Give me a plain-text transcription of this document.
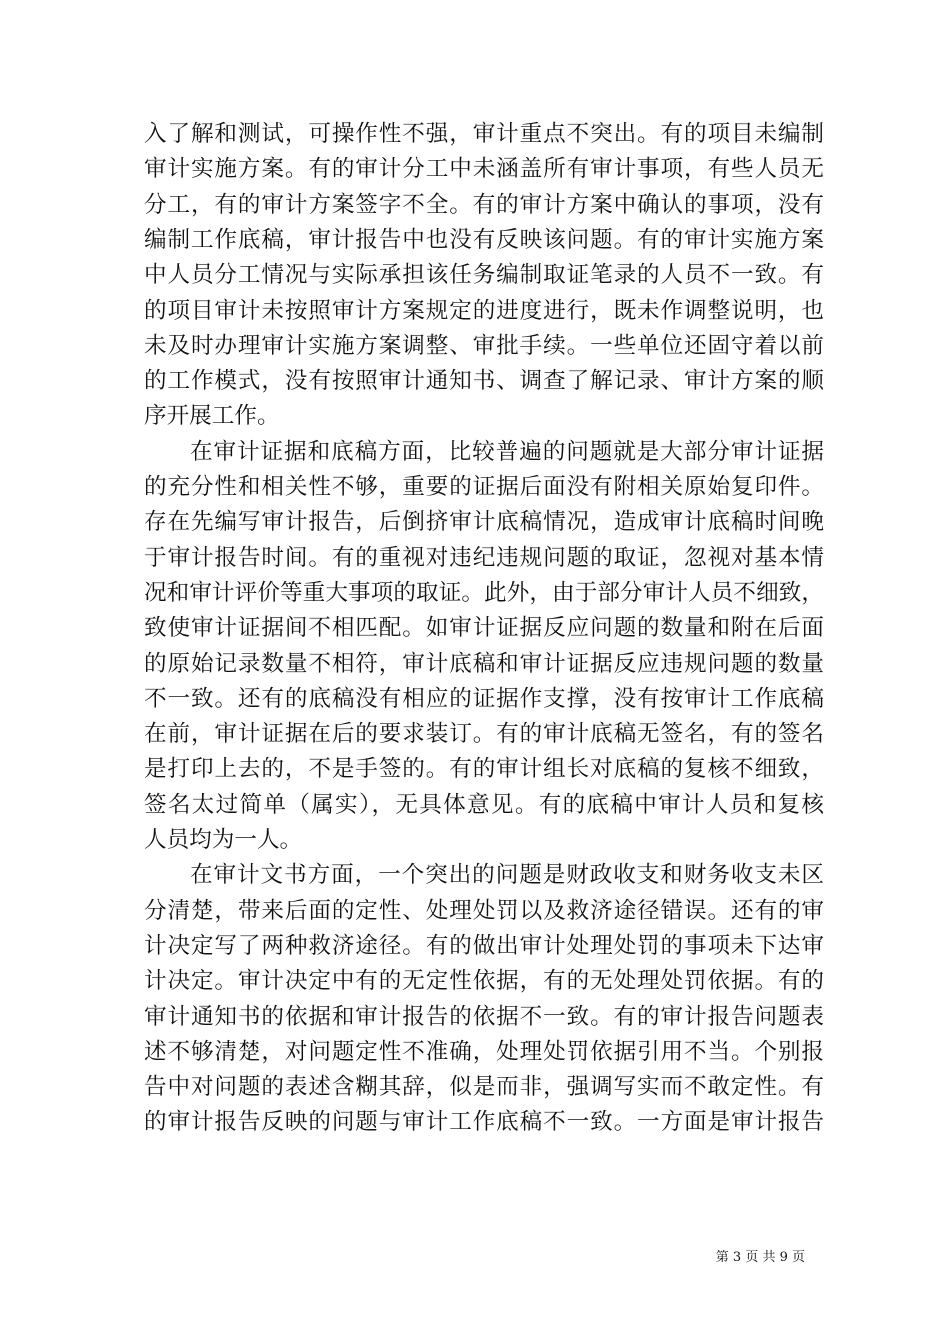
入了解和测试，可操作性不强，审计重点不突出。有的项目未编制
审计实施方案。有的审计分工中未涵盖所有审计事项，有些人员无
分工，有的审计方案签字不全。有的审计方案中确认的事项，没有
编制工作底稿，审计报告中也没有反映该问题。有的审计实施方案
中人员分工情况与实际承担该任务编制取证笔录的人员不一致。有
的项目审计未按照审计方案规定的进度进行，既未作调整说明，也
未及时办理审计实施方案调整、审批手续。一些单位还固守着以前
的工作模式，没有按照审计通知书、调查了解记录、审计方案的顺
序开展工作。
在审计证据和底稿方面，比较普遍的问题就是大部分审计证据
的充分性和相关性不够，重要的证据后面没有附相关原始复印件。
存在先编写审计报告，后倒挤审计底稿情况，造成审计底稿时间晚
于审计报告时间。有的重视对违纪违规问题的取证，忽视对基本情
况和审计评价等重大事项的取证。此外，由于部分审计人员不细致，
致使审计证据间不相匹配。如审计证据反应问题的数量和附在后面
的原始记录数量不相符，审计底稿和审计证据反应违规问题的数量
不一致。还有的底稿没有相应的证据作支撑，没有按审计工作底稿
在前，审计证据在后的要求装订。有的审计底稿无签名，有的签名
是打印上去的，不是手签的。有的审计组长对底稿的复核不细致，
签名太过简单（属实），无具体意见。有的底稿中审计人员和复核
人员均为一人。
在审计文书方面，一个突出的问题是财政收支和财务收支未区
分清楚，带来后面的定性、处理处罚以及救济途径错误。还有的审
计决定写了两种救济途径。有的做出审计处理处罚的事项未下达审
计决定。审计决定中有的无定性依据，有的无处理处罚依据。有的
审计通知书的依据和审计报告的依据不一致。有的审计报告问题表
述不够清楚，对问题定性不准确，处理处罚依据引用不当。个别报
告中对问题的表述含糊其辞，似是而非，强调写实而不敢定性。有
的审计报告反映的问题与审计工作底稿不一致。一方面是审计报告
第 3 页 共 9 页
